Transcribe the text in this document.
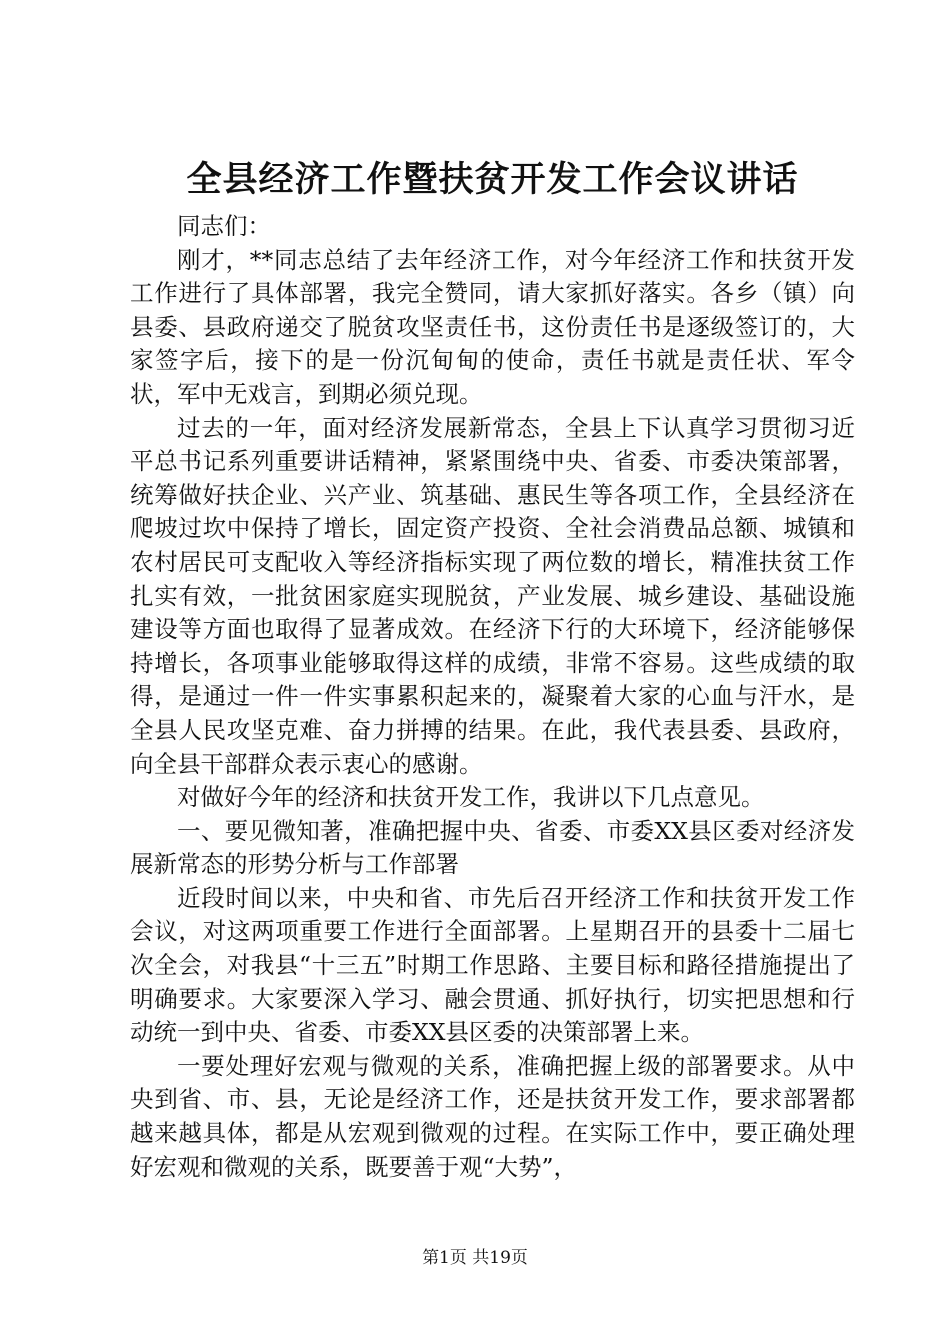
全县经济工作暨扶贫开发工作会议讲话

同志们：

刚才，**同志总结了去年经济工作，对今年经济工作和扶贫开发工作进行了具体部署，我完全赞同，请大家抓好落实。各乡（镇）向县委、县政府递交了脱贫攻坚责任书，这份责任书是逐级签订的，大家签字后，接下的是一份沉甸甸的使命，责任书就是责任状、军令状，军中无戏言，到期必须兑现。

过去的一年，面对经济发展新常态，全县上下认真学习贯彻习近平总书记系列重要讲话精神，紧紧围绕中央、省委、市委决策部署，统筹做好扶企业、兴产业、筑基础、惠民生等各项工作，全县经济在爬坡过坎中保持了增长，固定资产投资、全社会消费品总额、城镇和农村居民可支配收入等经济指标实现了两位数的增长，精准扶贫工作扎实有效，一批贫困家庭实现脱贫，产业发展、城乡建设、基础设施建设等方面也取得了显著成效。在经济下行的大环境下，经济能够保持增长，各项事业能够取得这样的成绩，非常不容易。这些成绩的取得，是通过一件一件实事累积起来的，凝聚着大家的心血与汗水，是全县人民攻坚克难、奋力拼搏的结果。在此，我代表县委、县政府，向全县干部群众表示衷心的感谢。

对做好今年的经济和扶贫开发工作，我讲以下几点意见。

一、要见微知著，准确把握中央、省委、市委XX县区委对经济发展新常态的形势分析与工作部署

近段时间以来，中央和省、市先后召开经济工作和扶贫开发工作会议，对这两项重要工作进行全面部署。上星期召开的县委十二届七次全会，对我县“十三五”时期工作思路、主要目标和路径措施提出了明确要求。大家要深入学习、融会贯通、抓好执行，切实把思想和行动统一到中央、省委、市委XX县区委的决策部署上来。

一要处理好宏观与微观的关系，准确把握上级的部署要求。从中央到省、市、县，无论是经济工作，还是扶贫开发工作，要求部署都越来越具体，都是从宏观到微观的过程。在实际工作中，要正确处理好宏观和微观的关系，既要善于观“大势”，

第1页 共19页
